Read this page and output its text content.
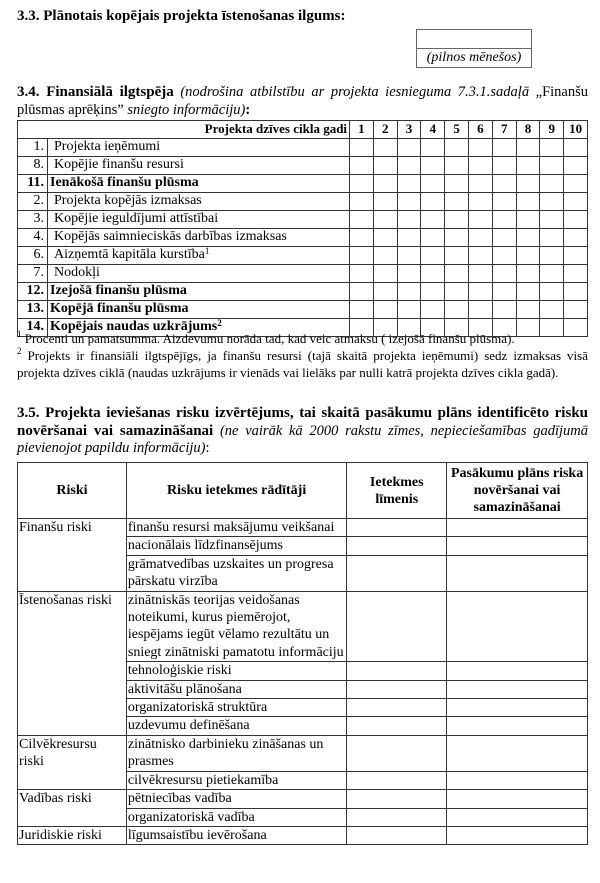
3.3. Plānotais kopējais projekta īstenošanas ilgums:
(pilnos mēnešos)
3.4. Finansiālā ilgtspēja (nodrošina atbilstību ar projekta iesnieguma 7.3.1.sadaļā „Finanšu plūsmas aprēķins” sniegto informāciju):
Projekta dzīves cikla gadi		1	2	3	4	5	6	7	8	9	10
1.	Projekta ieņēmumi										
8.	Kopējie finanšu resursi										
11.	Ienākošā finanšu plūsma										
2.	Projekta kopējās izmaksas										
3.	Kopējie ieguldījumi attīstībai										
4.	Kopējās saimnieciskās darbības izmaksas										
6.	Aizņemtā kapitāla kurstība$^1$										
7.	Nodokļi										
12.	Izejošā finanšu plūsma										
13.	Kopējā finanšu plūsma										
14.	Kopējais naudas uzkrājums$^2$										
$^1$ Procenti un pamatsumma. Aizdevumu norāda tad, kad veic atmaksu ( izejošā finanšu plūsma).
$^2$ Projekts ir finansiāli ilgtspējīgs, ja finanšu resursi (tajā skaitā projekta ieņēmumi) sedz izmaksas visā projekta dzīves ciklā (naudas uzkrājums ir vienāds vai lielāks par nulli katrā projekta dzīves cikla gadā).
3.5. Projekta ieviešanas risku izvērtējums, tai skaitā pasākumu plāns identificēto risku novēršanai vai samazināšanai (ne vairāk kā 2000 rakstu zīmes, nepieciešamības gadījumā pievienojot papildu informāciju):
Riski	Risku ietekmes rādītāji	Ietekmes līmenis	Pasākumu plāns riska novēršanai vai samazināšanai
Finanšu riski	finanšu resursi maksājumu veikšanai		
	nacionālais līdzfinansējums		
	grāmatvedības uzskaites un progresa pārskatu virzība		
Īstenošanas riski	zinātniskās teorijas veidošanas noteikumi, kurus piemērojot, iespējams iegūt vēlamo rezultātu un sniegt zinātniski pamatotu informāciju		
	tehnoloģiskie riski		
	aktivitāšu plānošana		
	organizatoriskā struktūra		
	uzdevumu definēšana		
Cilvēkresursu riski	zinātnisko darbinieku zināšanas un prasmes		
	cilvēkresursu pietiekamība		
Vadības riski	pētniecības vadība		
	organizatoriskā vadība		
Juridiskie riski	līgumsaistību ievērošana		
